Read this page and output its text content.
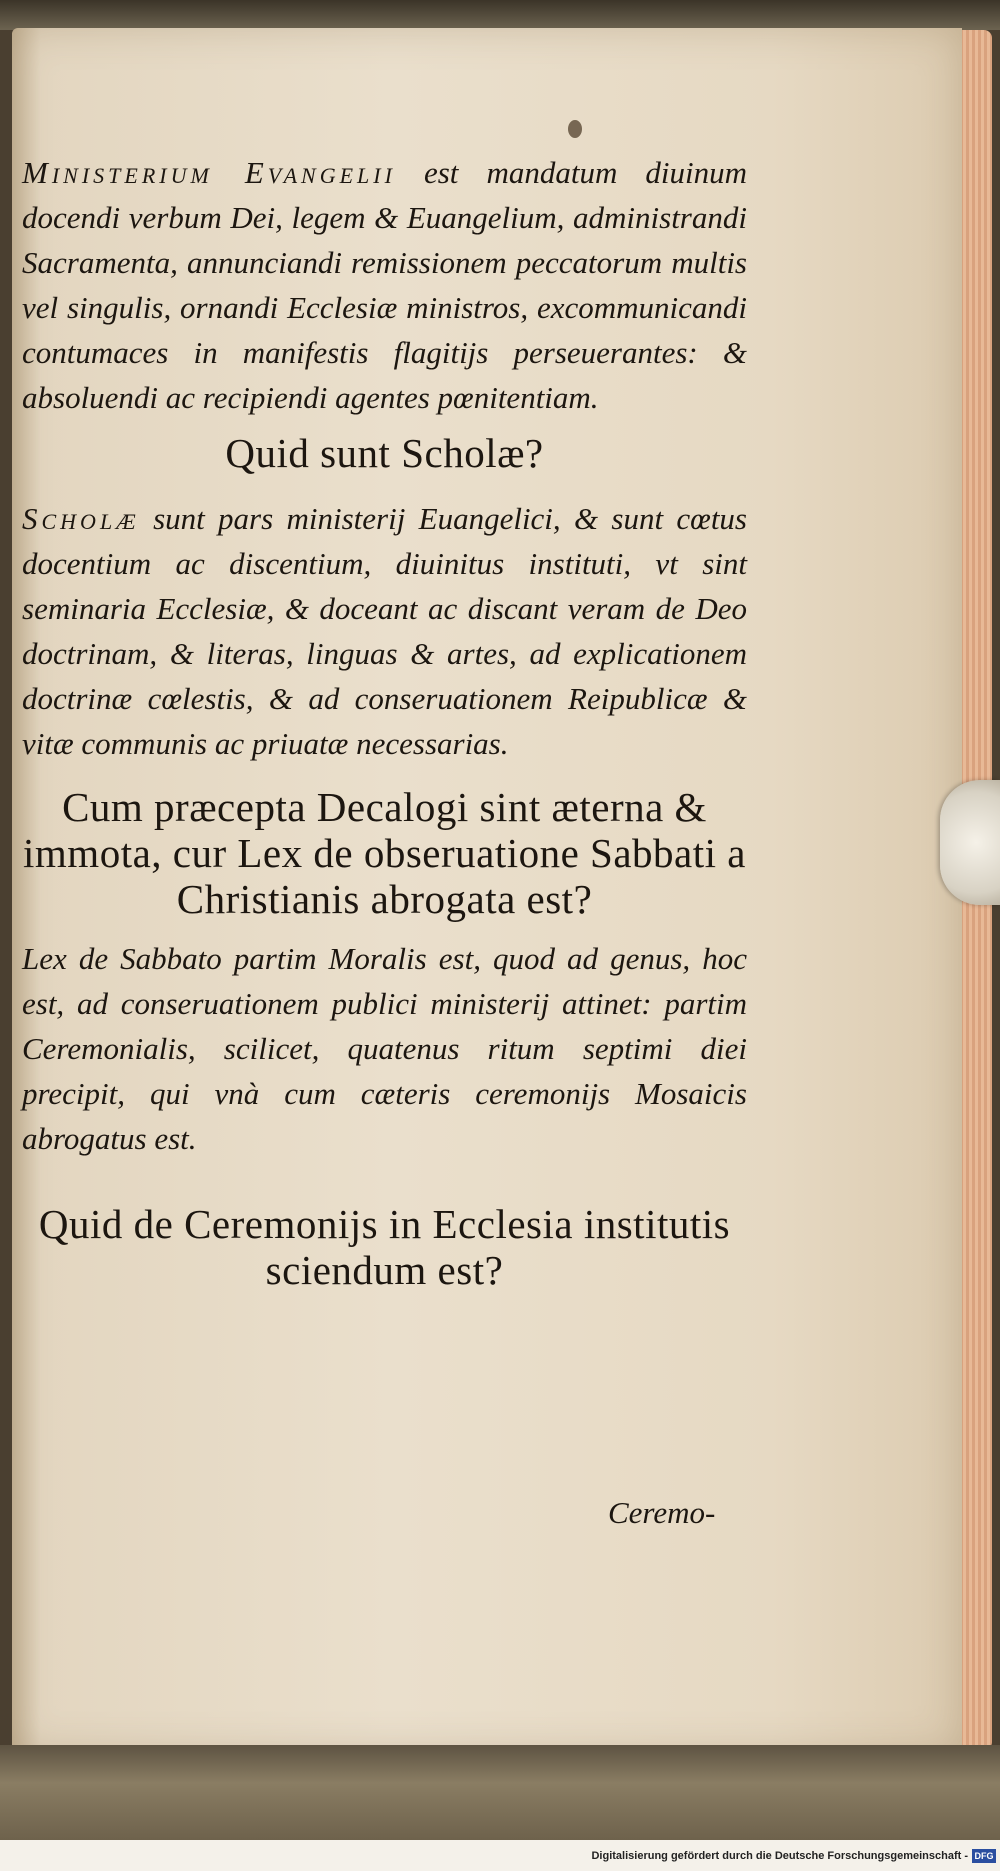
Ministerium Evangelii est mandatum diuinum docendi verbum Dei, legem & Euangelium, administrandi Sacramenta, annunciandi remissionem peccatorum multis vel singulis, ornandi Ecclesiæ ministros, excommunicandi contumaces in manifestis flagitijs perseuerantes: & absoluendi ac recipiendi agentes pœnitentiam.

Quid sunt Scholæ?

Scholæ sunt pars ministerij Euangelici, & sunt cœtus docentium ac discentium, diuinitus instituti, vt sint seminaria Ecclesiæ, & doceant ac discant veram de Deo doctrinam, & literas, linguas & artes, ad explicationem doctrinæ cœlestis, & ad conseruationem Reipublicæ & vitæ communis ac priuatæ necessarias.

Cum præcepta Decalogi sint æterna & immota, cur Lex de obseruatione Sabbati a Christianis abrogata est?

Lex de Sabbato partim Moralis est, quod ad genus, hoc est, ad conseruationem publici ministerij attinet: partim Ceremonialis, scilicet, quatenus ritum septimi diei precipit, qui vnà cum cæteris ceremonijs Mosaicis abrogatus est.

Quid de Ceremonijs in Ecclesia institutis sciendum est?

Ceremo-
Digitalisierung gefördert durch die Deutsche Forschungsgemeinschaft - DFG
